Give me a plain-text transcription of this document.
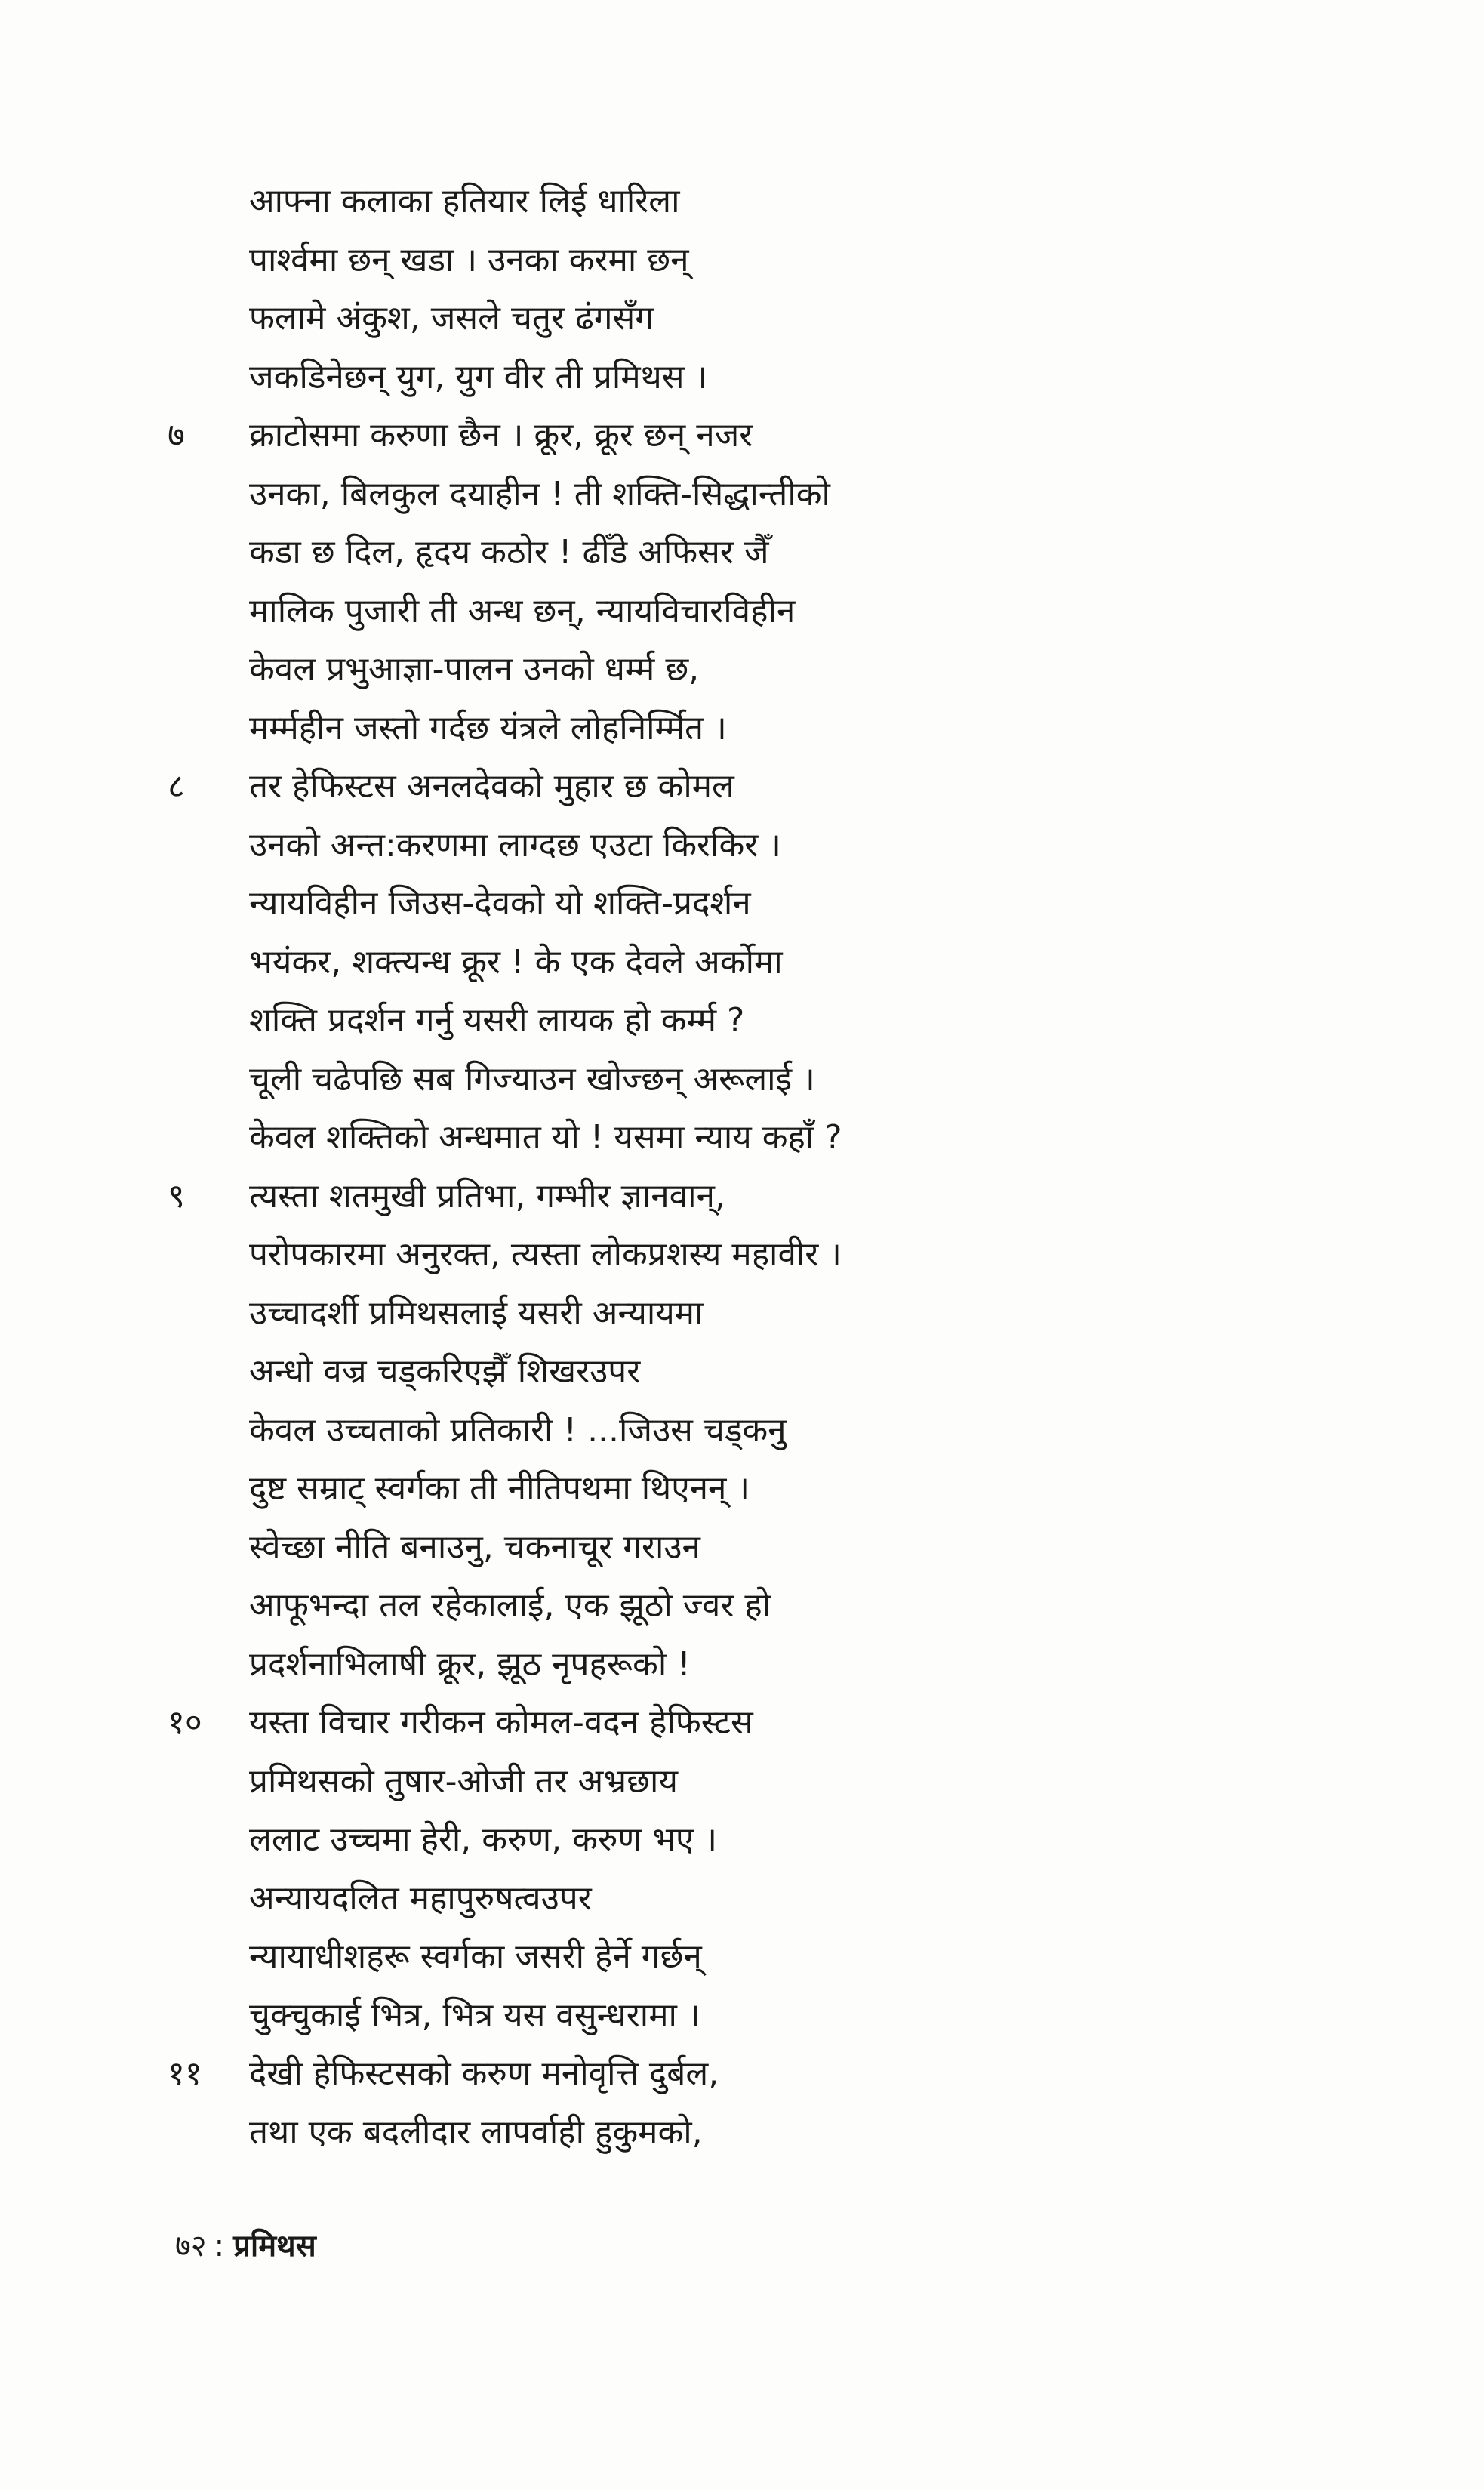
आफ्ना कलाका हतियार लिई धारिला
पार्श्वमा छन् खडा । उनका करमा छन्
फलामे अंकुश, जसले चतुर ढंगसँग
जकडिनेछन् युग, युग वीर ती प्रमिथस ।
७	क्राटोसमा करुणा छैन । क्रूर, क्रूर छन् नजर
उनका, बिलकुल दयाहीन ! ती शक्ति-सिद्धान्तीको
कडा छ दिल, हृदय कठोर ! ढीँडे अफिसर जैँ
मालिक पुजारी ती अन्ध छन्, न्यायविचारविहीन
केवल प्रभुआज्ञा-पालन उनको धर्म्म छ,
मर्म्महीन जस्तो गर्दछ यंत्रले लोहनिर्म्मित ।
८	तर हेफिस्टस अनलदेवको मुहार छ कोमल
उनको अन्त:करणमा लाग्दछ एउटा किरकिर ।
न्यायविहीन जिउस-देवको यो शक्ति-प्रदर्शन
भयंकर, शक्त्यन्ध क्रूर ! के एक देवले अर्कोमा
शक्ति प्रदर्शन गर्नु यसरी लायक हो कर्म्म ?
चूली चढेपछि सब गिज्याउन खोज्छन् अरूलाई ।
केवल शक्तिको अन्धमात यो ! यसमा न्याय कहाँ ?
९	त्यस्ता शतमुखी प्रतिभा, गम्भीर ज्ञानवान्,
परोपकारमा अनुरक्त, त्यस्ता लोकप्रशस्य महावीर ।
उच्चादर्शी प्रमिथसलाई यसरी अन्यायमा
अन्धो वज्र चड्करिएझैँ शिखरउपर
केवल उच्चताको प्रतिकारी ! ...जिउस चड्कनु
दुष्ट सम्राट् स्वर्गका ती नीतिपथमा थिएनन् ।
स्वेच्छा नीति बनाउनु, चकनाचूर गराउन
आफूभन्दा तल रहेकालाई, एक झूठो ज्वर हो
प्रदर्शनाभिलाषी क्रूर, झूठ नृपहरूको !
१०	यस्ता विचार गरीकन कोमल-वदन हेफिस्टस
प्रमिथसको तुषार-ओजी तर अभ्रछाय
ललाट उच्चमा हेरी, करुण, करुण भए ।
अन्यायदलित महापुरुषत्वउपर
न्यायाधीशहरू स्वर्गका जसरी हेर्ने गर्छन्
चुक्चुकाई भित्र, भित्र यस वसुन्धरामा ।
११	देखी हेफिस्टसको करुण मनोवृत्ति दुर्बल,
तथा एक बदलीदार लापर्वाही हुकुमको,
७२ : प्रमिथस
